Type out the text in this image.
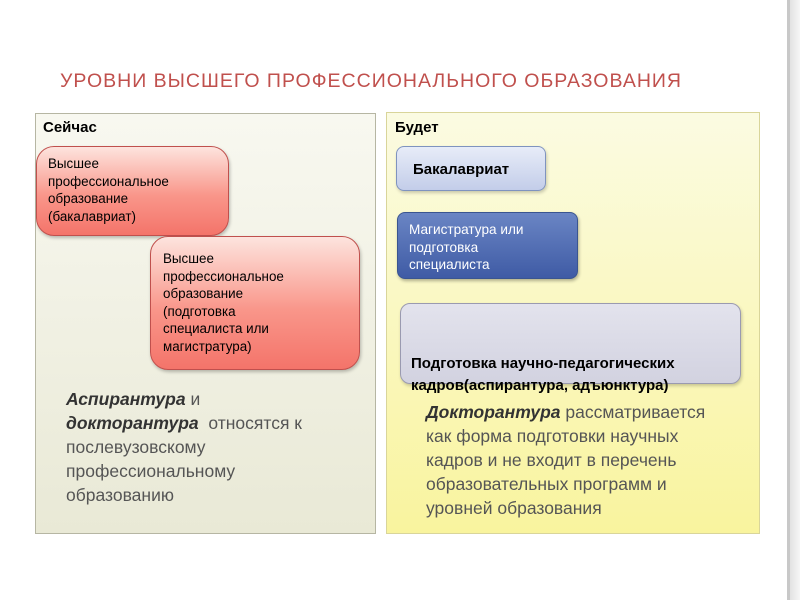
УРОВНИ ВЫСШЕГО ПРОФЕССИОНАЛЬНОГО ОБРАЗОВАНИЯ
Сейчас
Высшее
профессиональное
образование
(бакалавриат)
Высшее
профессиональное
образование
(подготовка
специалиста или
магистратура)
Аспирантура и
докторантура  относятся к
послевузовскому
профессиональному
образованию
Будет
Бакалавриат
Магистратура или
подготовка
специалиста
Подготовка научно-педагогических
кадров(аспирантура, адъюнктура)
Докторантура рассматривается
как форма подготовки научных
кадров и не входит в перечень
образовательных программ и
уровней образования
